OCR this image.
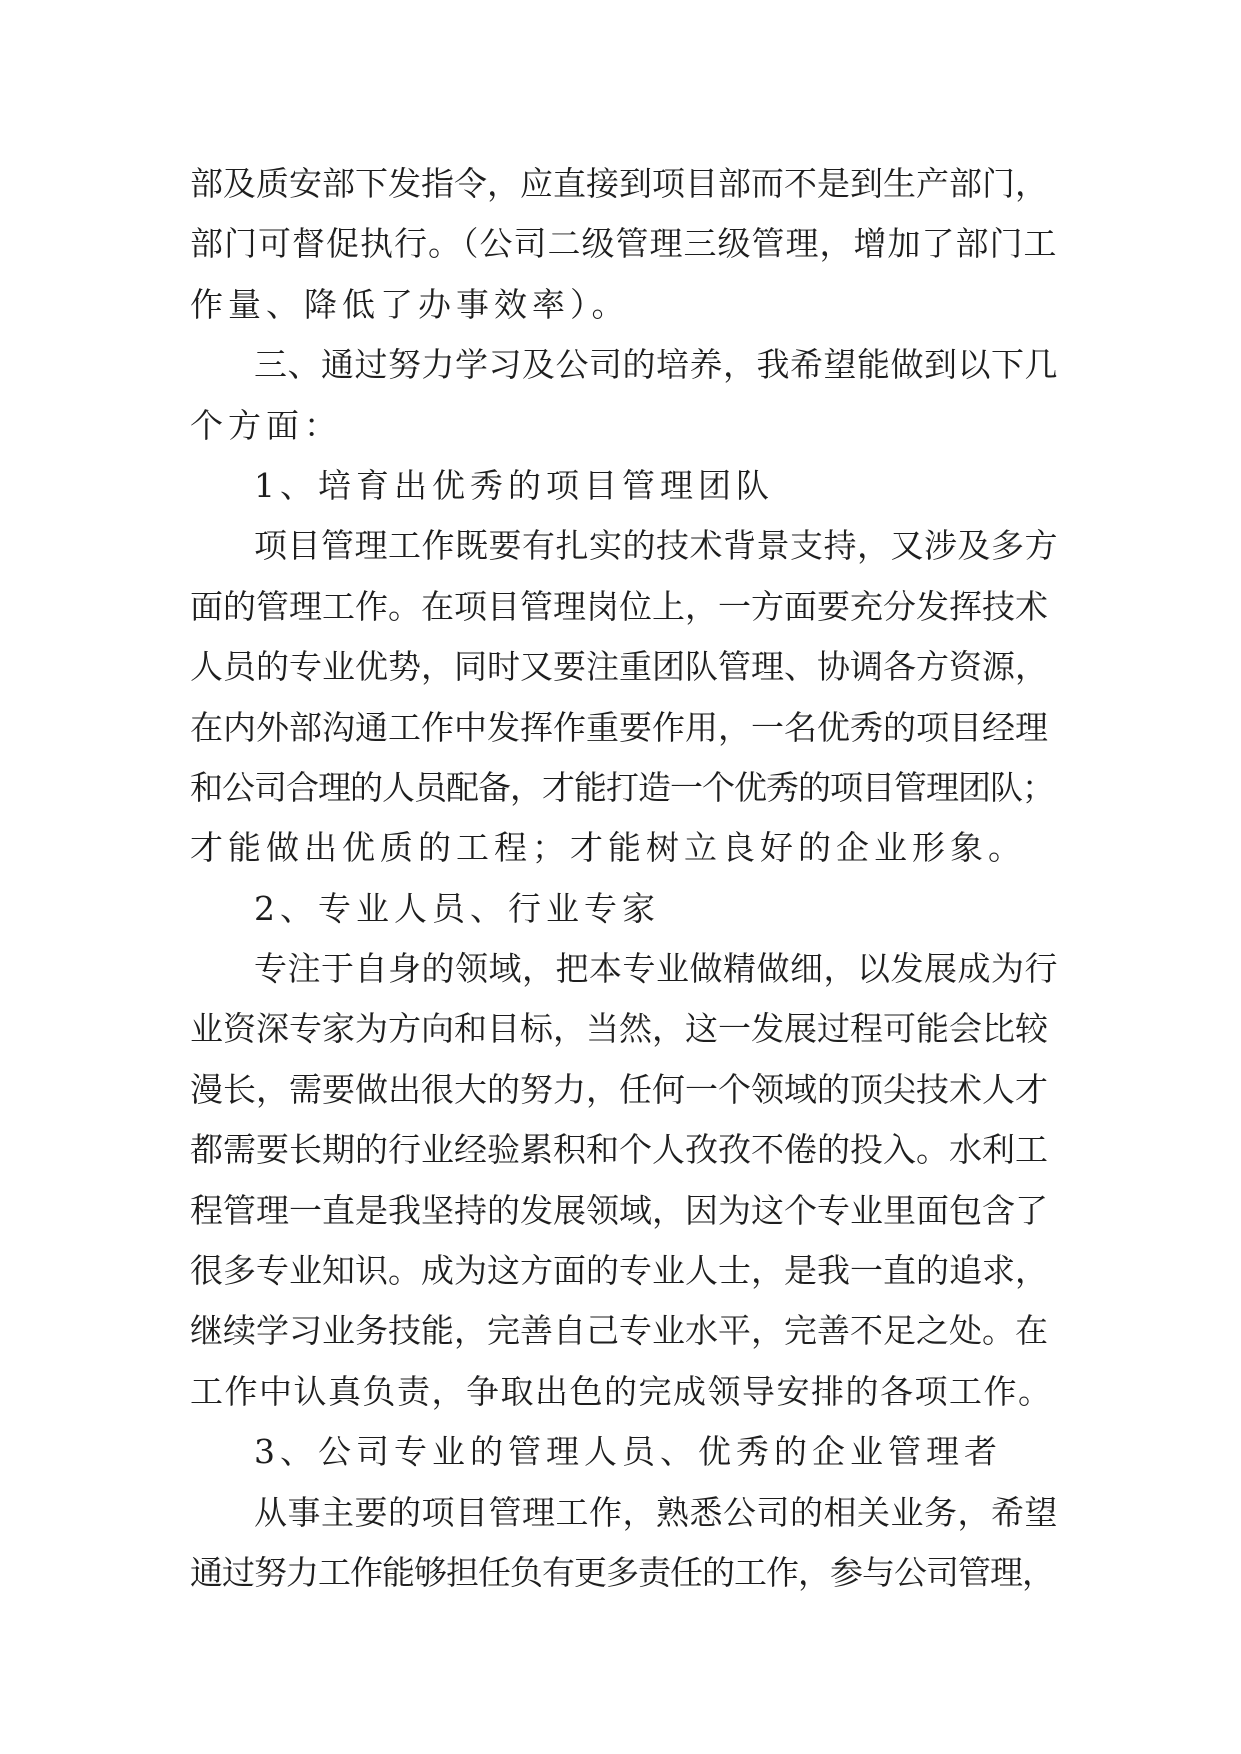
部及质安部下发指令，应直接到项目部而不是到生产部门，
部门可督促执行。（公司二级管理三级管理，增加了部门工
作量、降低了办事效率）。
三、通过努力学习及公司的培养，我希望能做到以下几
个方面：
1、培育出优秀的项目管理团队
项目管理工作既要有扎实的技术背景支持，又涉及多方
面的管理工作。在项目管理岗位上，一方面要充分发挥技术
人员的专业优势，同时又要注重团队管理、协调各方资源，
在内外部沟通工作中发挥作重要作用，一名优秀的项目经理
和公司合理的人员配备，才能打造一个优秀的项目管理团队；
才能做出优质的工程；才能树立良好的企业形象。
2、专业人员、行业专家
专注于自身的领域，把本专业做精做细，以发展成为行
业资深专家为方向和目标，当然，这一发展过程可能会比较
漫长，需要做出很大的努力，任何一个领域的顶尖技术人才
都需要长期的行业经验累积和个人孜孜不倦的投入。水利工
程管理一直是我坚持的发展领域，因为这个专业里面包含了
很多专业知识。成为这方面的专业人士，是我一直的追求，
继续学习业务技能，完善自己专业水平，完善不足之处。在
工作中认真负责，争取出色的完成领导安排的各项工作。
3、公司专业的管理人员、优秀的企业管理者
从事主要的项目管理工作，熟悉公司的相关业务，希望
通过努力工作能够担任负有更多责任的工作，参与公司管理，
